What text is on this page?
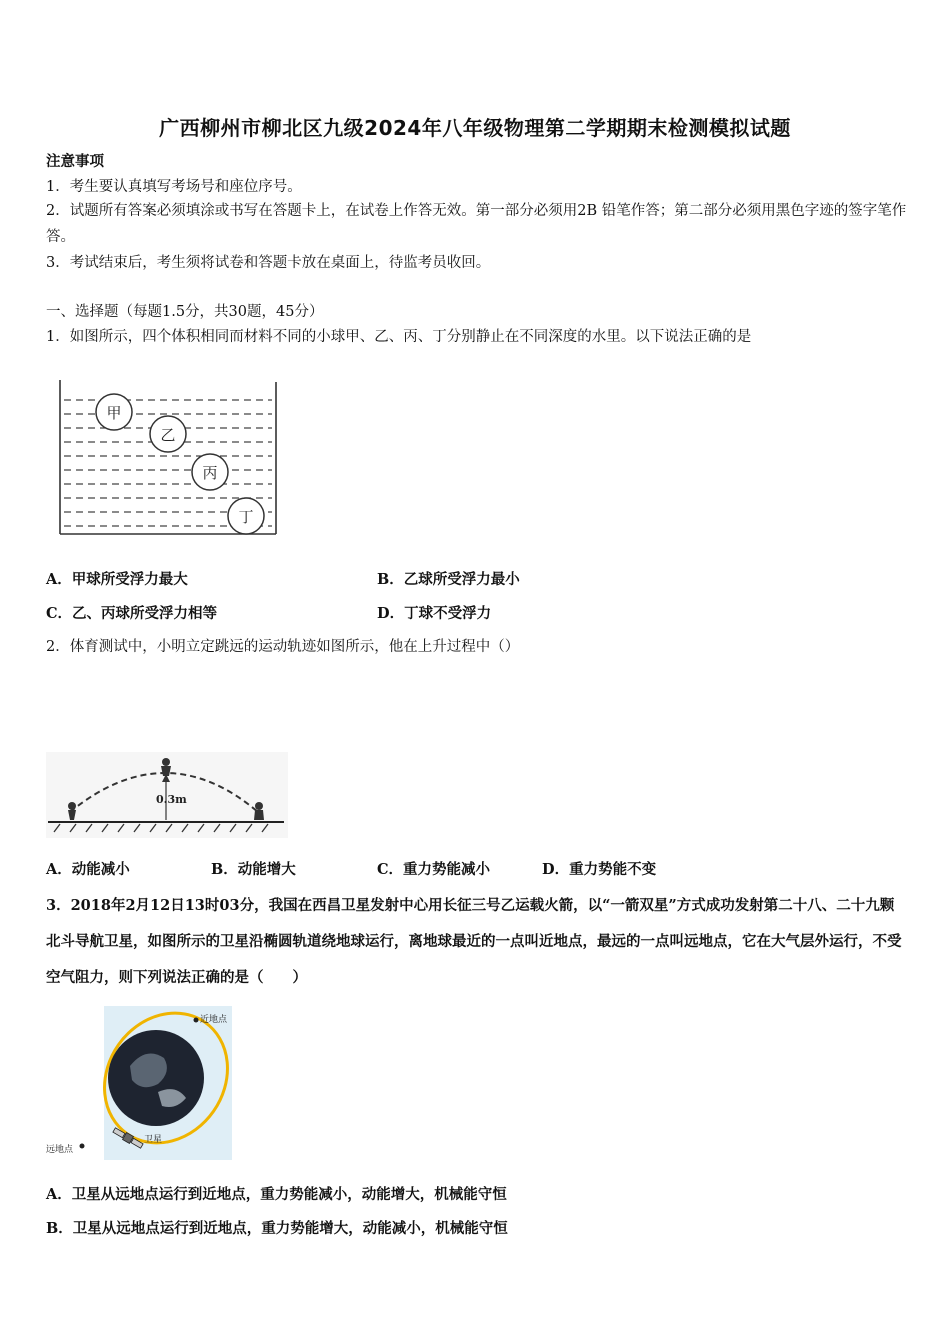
广西柳州市柳北区九级2024年八年级物理第二学期期末检测模拟试题
注意事项
1．考生要认真填写考场号和座位序号。
2．试题所有答案必须填涂或书写在答题卡上，在试卷上作答无效。第一部分必须用2B 铅笔作答；第二部分必须用黑色字迹的签字笔作答。
3．考试结束后，考生须将试卷和答题卡放在桌面上，待监考员收回。
一、选择题（每题1.5分，共30题，45分）
1．如图所示，四个体积相同而材料不同的小球甲、乙、丙、丁分别静止在不同深度的水里。以下说法正确的是
甲
乙
丙
丁
A．甲球所受浮力最大	B．乙球所受浮力最小
C．乙、丙球所受浮力相等	D．丁球不受浮力
2．体育测试中，小明立定跳远的运动轨迹如图所示，他在上升过程中（）
0.3m
A．动能减小	B．动能增大	C．重力势能减小	D．重力势能不变
3．2018年2月12日13时03分，我国在西昌卫星发射中心用长征三号乙运载火箭，以“一箭双星”方式成功发射第二十八、二十九颗北斗导航卫星，如图所示的卫星沿椭圆轨道绕地球运行，离地球最近的一点叫近地点，最远的一点叫远地点，它在大气层外运行，不受空气阻力，则下列说法正确的是（　　）
近地点
远地点
卫星
A．卫星从远地点运行到近地点，重力势能减小，动能增大，机械能守恒
B．卫星从远地点运行到近地点，重力势能增大，动能减小，机械能守恒
